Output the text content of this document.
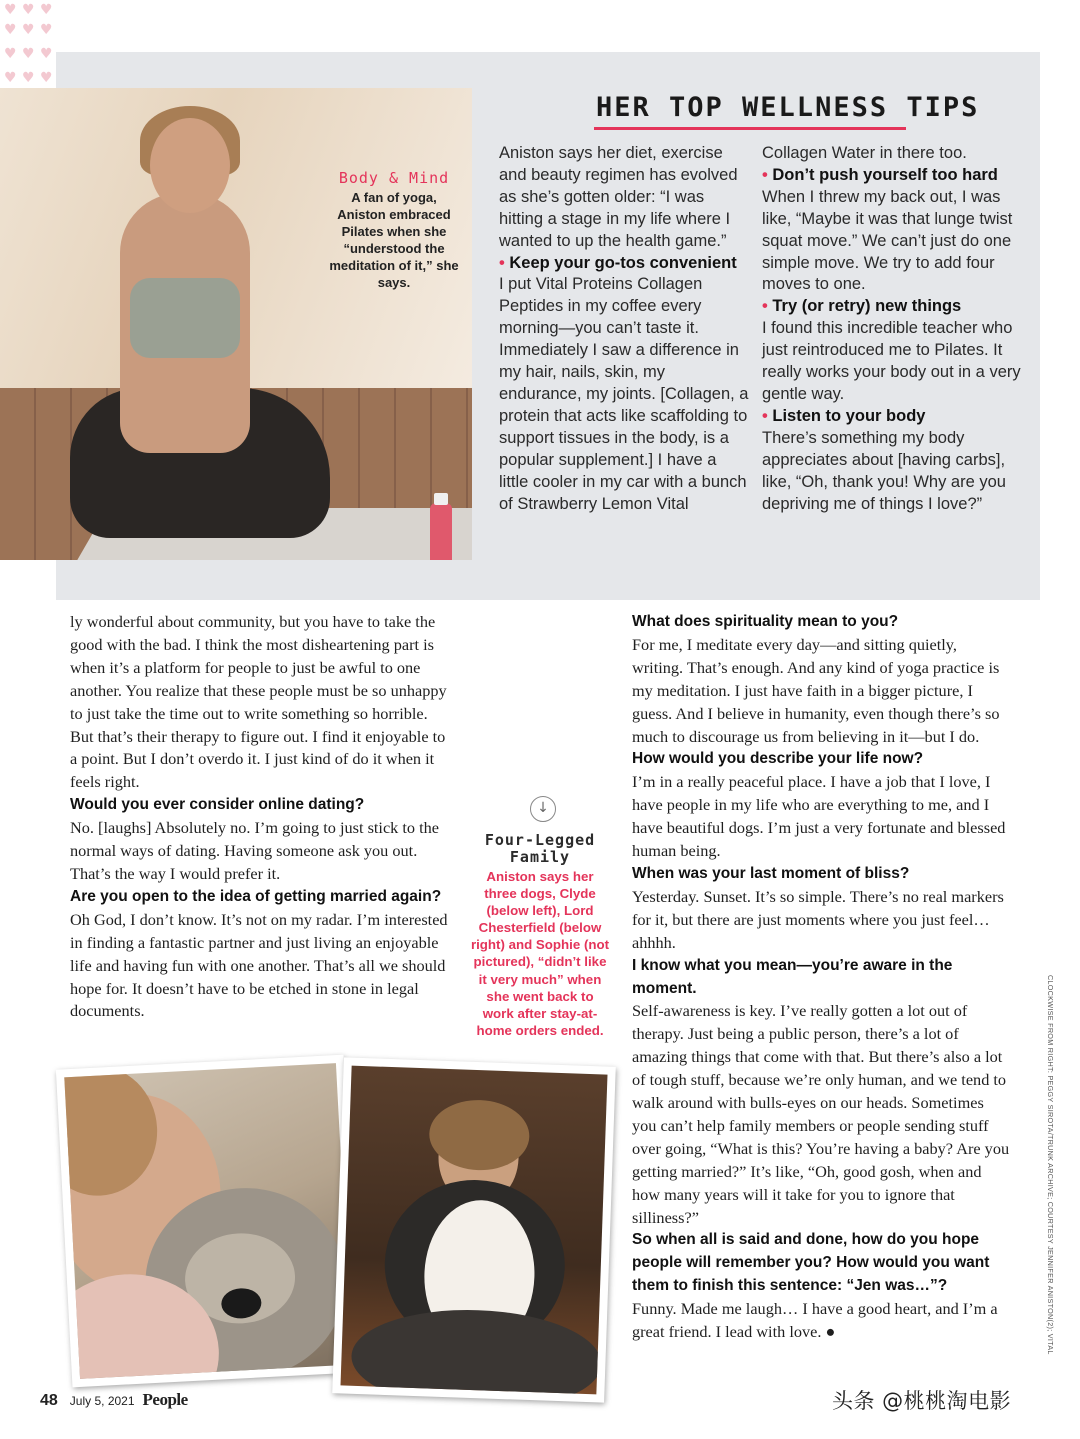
♥ ♥ ♥
♥ ♥ ♥
♥ ♥ ♥
♥ ♥ ♥
Body & Mind
A fan of yoga, Aniston embraced Pilates when she “understood the meditation of it,” she says.
HER TOP WELLNESS TIPS
Aniston says her diet, exercise and beauty regimen has evolved as she’s gotten older: “I was hitting a stage in my life where I wanted to up the health game.”
• Keep your go-tos convenient
I put Vital Proteins Collagen Peptides in my coffee every morning—you can’t taste it. Immediately I saw a difference in my hair, nails, skin, my endurance, my joints. [Collagen, a protein that acts like scaffolding to support tissues in the body, is a popular supplement.] I have a little cooler in my car with a bunch of Strawberry Lemon Vital
Collagen Water in there too.
• Don’t push yourself too hard
When I threw my back out, I was like, “Maybe it was that lunge twist squat move.” We can’t just do one simple move. We try to add four moves to one.
• Try (or retry) new things
I found this incredible teacher who just reintroduced me to Pilates. It really works your body out in a very gentle way.
• Listen to your body
There’s something my body appreciates about [having carbs], like, “Oh, thank you! Why are you depriving me of things I love?”

ly wonderful about community, but you have to take the good with the bad. I think the most disheartening part is when it’s a platform for people to just be awful to one another. You realize that these people must be so unhappy to just take the time out to write something so horrible. But that’s their therapy to figure out. I find it enjoyable to a point. But I don’t overdo it. I just kind of do it when it feels right.

Would you ever consider online dating?

No. [laughs] Absolutely no. I’m going to just stick to the normal ways of dating. Having someone ask you out. That’s the way I would prefer it.

Are you open to the idea of getting married again?

Oh God, I don’t know. It’s not on my radar. I’m interested in finding a fantastic partner and just living an enjoyable life and having fun with one another. That’s all we should hope for. It doesn’t have to be etched in stone in legal documents.

What does spirituality mean to you?

For me, I meditate every day—and sitting quietly, writing. That’s enough. And any kind of yoga practice is my meditation. I just have faith in a bigger picture, I guess. And I believe in humanity, even though there’s so much to discourage us from believing in it—but I do.

How would you describe your life now?

I’m in a really peaceful place. I have a job that I love, I have people in my life who are everything to me, and I have beautiful dogs. I’m just a very fortunate and blessed human being.

When was your last moment of bliss?

Yesterday. Sunset. It’s so simple. There’s no real markers for it, but there are just moments where you just feel… ahhhh.

I know what you mean—you’re aware in the moment.

Self-awareness is key. I’ve really gotten a lot out of therapy. Just being a public person, there’s a lot of amazing things that come with that. But there’s also a lot of tough stuff, because we’re only human, and we tend to walk around with bulls-eyes on our heads. Sometimes you can’t help family members or people sending stuff over going, “What is this? You’re having a baby? Are you getting married?” It’s like, “Oh, good gosh, when and how many years will it take for you to ignore that silliness?”

So when all is said and done, how do you hope people will remember you? How would you want them to finish this sentence: “Jen was…”?

Funny. Made me laugh… I have a good heart, and I’m a great friend. I lead with love. ●

↓
Four-Legged Family
Aniston says her three dogs, Clyde (below left), Lord Chesterfield (below right) and Sophie (not pictured), “didn’t like it very much” when she went back to work after stay-at-home orders ended.	CLOCKWISE FROM RIGHT: PEGGY SIROTA/TRUNK ARCHIVE; COURTESY JENNIFER ANISTON(2); VITAL
48 July 5, 2021 People	头条 @桃桃淘电影
